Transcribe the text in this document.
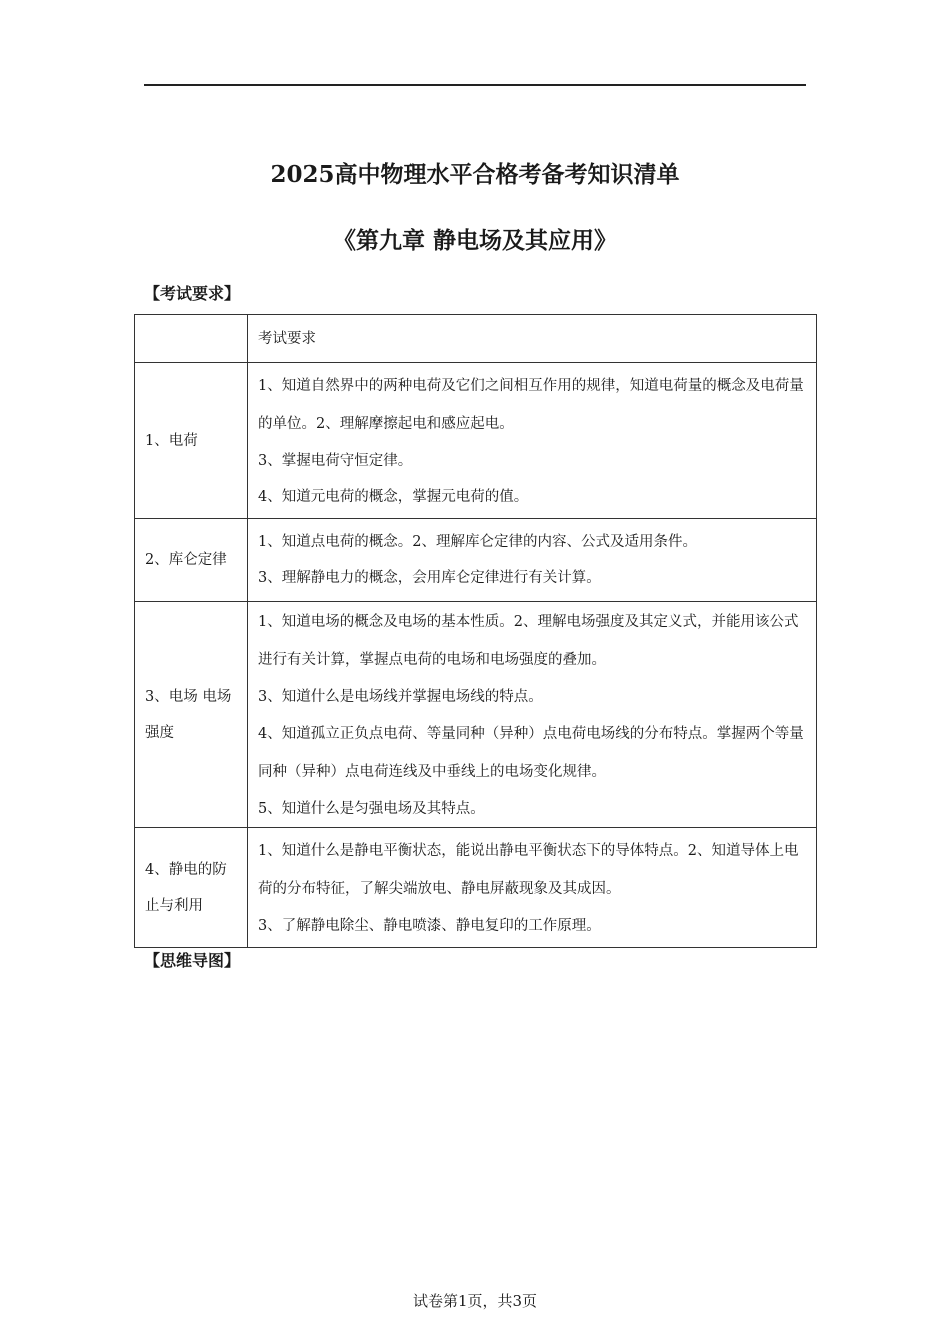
2025高中物理水平合格考备考知识清单
《第九章 静电场及其应用》
【考试要求】

	考试要求

1、电荷	1、知道自然界中的两种电荷及它们之间相互作用的规律，知道电荷量的概念及电荷量的单位。2、理解摩擦起电和感应起电。
3、掌握电荷守恒定律。
4、知道元电荷的概念，掌握元电荷的值。

2、库仑定律	1、知道点电荷的概念。2、理解库仑定律的内容、公式及适用条件。
3、理解静电力的概念，会用库仑定律进行有关计算。

3、电场 电场强度	1、知道电场的概念及电场的基本性质。2、理解电场强度及其定义式，并能用该公式进行有关计算，掌握点电荷的电场和电场强度的叠加。
3、知道什么是电场线并掌握电场线的特点。
4、知道孤立正负点电荷、等量同种（异种）点电荷电场线的分布特点。掌握两个等量同种（异种）点电荷连线及中垂线上的电场变化规律。
5、知道什么是匀强电场及其特点。

4、静电的防止与利用	1、知道什么是静电平衡状态，能说出静电平衡状态下的导体特点。2、知道导体上电荷的分布特征，了解尖端放电、静电屏蔽现象及其成因。
3、了解静电除尘、静电喷漆、静电复印的工作原理。
【思维导图】
试卷第1页，共3页
